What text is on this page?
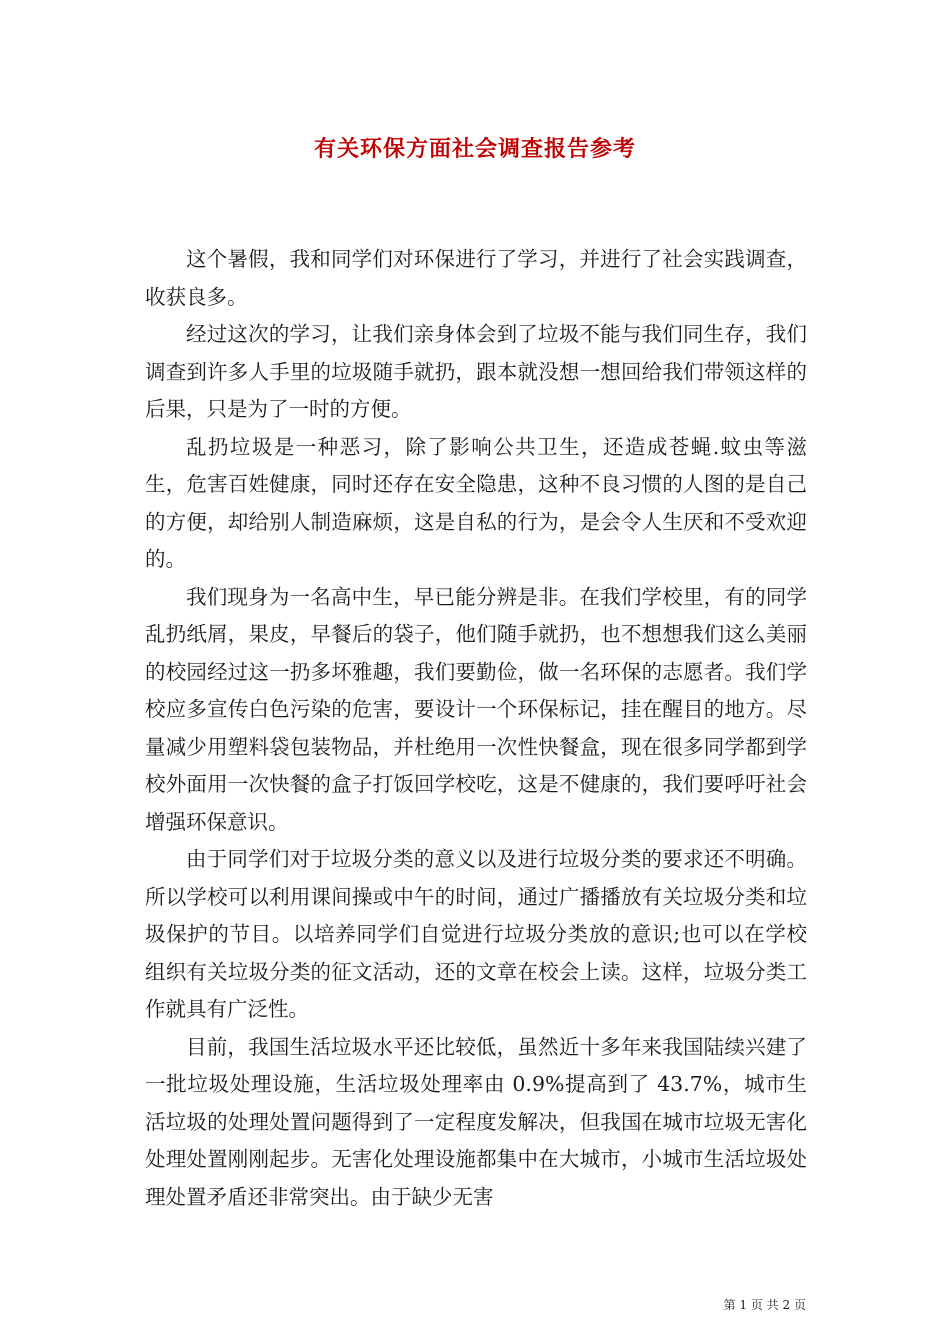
有关环保方面社会调查报告参考

这个暑假，我和同学们对环保进行了学习，并进行了社会实践调查，收获良多。

经过这次的学习，让我们亲身体会到了垃圾不能与我们同生存，我们调查到许多人手里的垃圾随手就扔，跟本就没想一想回给我们带领这样的后果，只是为了一时的方便。

乱扔垃圾是一种恶习，除了影响公共卫生，还造成苍蝇.蚊虫等滋生，危害百姓健康，同时还存在安全隐患，这种不良习惯的人图的是自己的方便，却给别人制造麻烦，这是自私的行为，是会令人生厌和不受欢迎的。

我们现身为一名高中生，早已能分辨是非。在我们学校里，有的同学乱扔纸屑，果皮，早餐后的袋子，他们随手就扔，也不想想我们这么美丽的校园经过这一扔多坏雅趣，我们要勤俭，做一名环保的志愿者。我们学校应多宣传白色污染的危害，要设计一个环保标记，挂在醒目的地方。尽量减少用塑料袋包装物品，并杜绝用一次性快餐盒，现在很多同学都到学校外面用一次快餐的盒子打饭回学校吃，这是不健康的，我们要呼吁社会增强环保意识。

由于同学们对于垃圾分类的意义以及进行垃圾分类的要求还不明确。所以学校可以利用课间操或中午的时间，通过广播播放有关垃圾分类和垃圾保护的节目。以培养同学们自觉进行垃圾分类放的意识;也可以在学校组织有关垃圾分类的征文活动，还的文章在校会上读。这样，垃圾分类工作就具有广泛性。

目前，我国生活垃圾水平还比较低，虽然近十多年来我国陆续兴建了一批垃圾处理设施，生活垃圾处理率由 0.9%提高到了 43.7%，城市生活垃圾的处理处置问题得到了一定程度发解决，但我国在城市垃圾无害化处理处置刚刚起步。无害化处理设施都集中在大城市，小城市生活垃圾处理处置矛盾还非常突出。由于缺少无害

第 1 页 共 2 页
